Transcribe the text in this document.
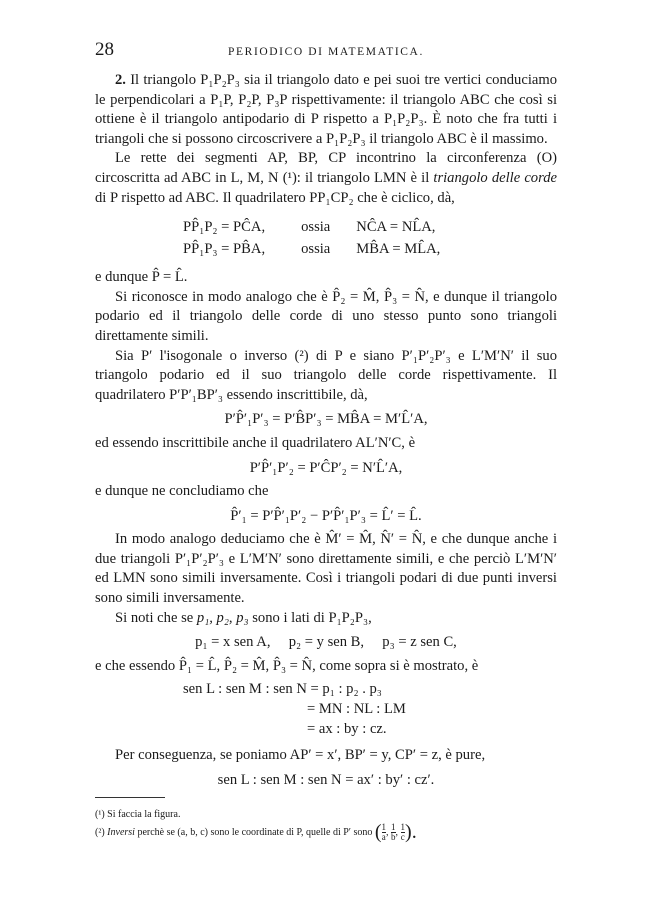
28	PERIODICO DI MATEMATICA.

2. Il triangolo P₁P₂P₃ sia il triangolo dato e pei suoi tre vertici conduciamo le perpendicolari a P₁P, P₂P, P₃P rispettivamente: il triangolo ABC che così si ottiene è il triangolo antipodario di P rispetto a P₁P₂P₃. È noto che fra tutti i triangoli che si possono circoscrivere a P₁P₂P₃ il triangolo ABC è il massimo.

Le rette dei segmenti AP, BP, CP incontrino la circonferenza (O) circoscritta ad ABC in L, M, N (¹): il triangolo LMN è il triangolo delle corde di P rispetto ad ABC. Il quadrilatero PP₁CP₂ che è ciclico, dà,

PP̂₁P₂ = PĈA,	ossia	NĈA = NL̂A,
PP̂₁P₃ = PB̂A,	ossia	MB̂A = ML̂A,

e dunque P̂ = L̂.

Si riconosce in modo analogo che è P̂₂ = M̂, P̂₃ = N̂, e dunque il triangolo podario ed il triangolo delle corde di uno stesso punto sono triangoli direttamente simili.

Sia P′ l'isogonale o inverso (²) di P e siano P′₁P′₂P′₃ e L′M′N′ il suo triangolo podario ed il suo triangolo delle corde rispettivamente. Il quadrilatero P′P′₁BP′₃ essendo inscrittibile, dà,

P′P̂′₁P′₃ = P′B̂P′₃ = MB̂A = M′L̂′A,

ed essendo inscrittibile anche il quadrilatero AL′N′C, è

P′P̂′₁P′₂ = P′ĈP′₂ = N′L̂′A,

e dunque ne concludiamo che

P̂′₁ = P′P̂′₁P′₂ − P′P̂′₁P′₃ = L̂′ = L̂.

In modo analogo deduciamo che è M̂′ = M̂, N̂′ = N̂, e che dunque anche i due triangoli P′₁P′₂P′₃ e L′M′N′ sono direttamente simili, e che perciò L′M′N′ ed LMN sono simili inversamente. Così i triangoli podari di due punti inversi sono simili inversamente.

Si noti che se p₁, p₂, p₃ sono i lati di P₁P₂P₃,

p₁ = x sen A,     p₂ = y sen B,     p₃ = z sen C,

e che essendo P̂₁ = L̂, P̂₂ = M̂, P̂₃ = N̂, come sopra si è mostrato, è

sen L : sen M : sen N = p₁ : p₂ . p₃
= MN : NL : LM
= ax : by : cz.

Per conseguenza, se poniamo AP′ = x′, BP′ = y, CP′ = z, è pure,

sen L : sen M : sen N = ax′ : by′ : cz′.
(¹) Si faccia la figura.
(²) Inversi perchè se (a, b, c) sono le coordinate di P, quelle di P′ sono ( $\frac{1}{a}$ , $\frac{1}{b}$ , $\frac{1}{c}$ ).
